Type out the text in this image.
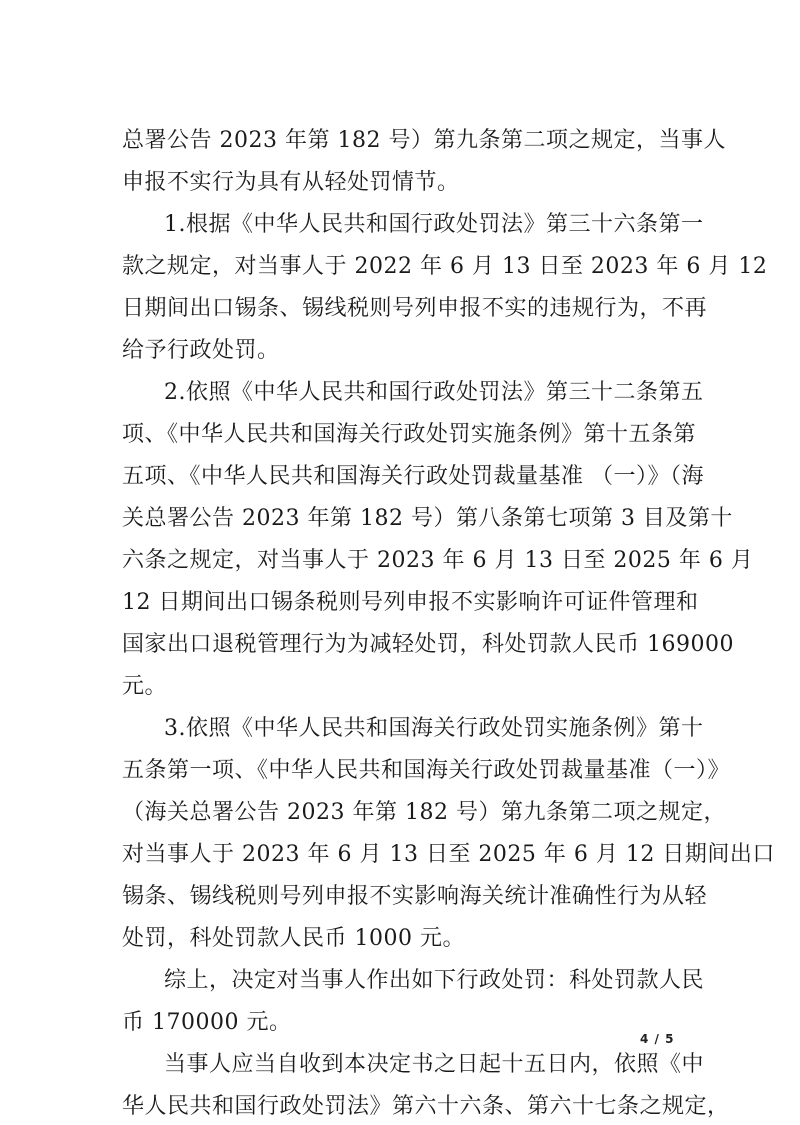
总署公告 2023 年第 182 号）第九条第二项之规定，当事人
申报不实行为具有从轻处罚情节。
1.根据《中华人民共和国行政处罚法》第三十六条第一
款之规定，对当事人于 2022 年 6 月 13 日至 2023 年 6 月 12
日期间出口锡条、锡线税则号列申报不实的违规行为，不再
给予行政处罚。
2.依照《中华人民共和国行政处罚法》第三十二条第五
项、《中华人民共和国海关行政处罚实施条例》第十五条第
五项、《中华人民共和国海关行政处罚裁量基准 （一）》（海
关总署公告 2023 年第 182 号）第八条第七项第 3 目及第十
六条之规定，对当事人于 2023 年 6 月 13 日至 2025 年 6 月
12 日期间出口锡条税则号列申报不实影响许可证件管理和
国家出口退税管理行为为减轻处罚，科处罚款人民币 169000
元。
3.依照《中华人民共和国海关行政处罚实施条例》第十
五条第一项、《中华人民共和国海关行政处罚裁量基准（一）》
（海关总署公告 2023 年第 182 号）第九条第二项之规定，
对当事人于 2023 年 6 月 13 日至 2025 年 6 月 12 日期间出口
锡条、锡线税则号列申报不实影响海关统计准确性行为从轻
处罚，科处罚款人民币 1000 元。
综上，决定对当事人作出如下行政处罚：科处罚款人民
币 170000 元。
当事人应当自收到本决定书之日起十五日内，依照《中
华人民共和国行政处罚法》第六十六条、第六十七条之规定，
4 / 5
